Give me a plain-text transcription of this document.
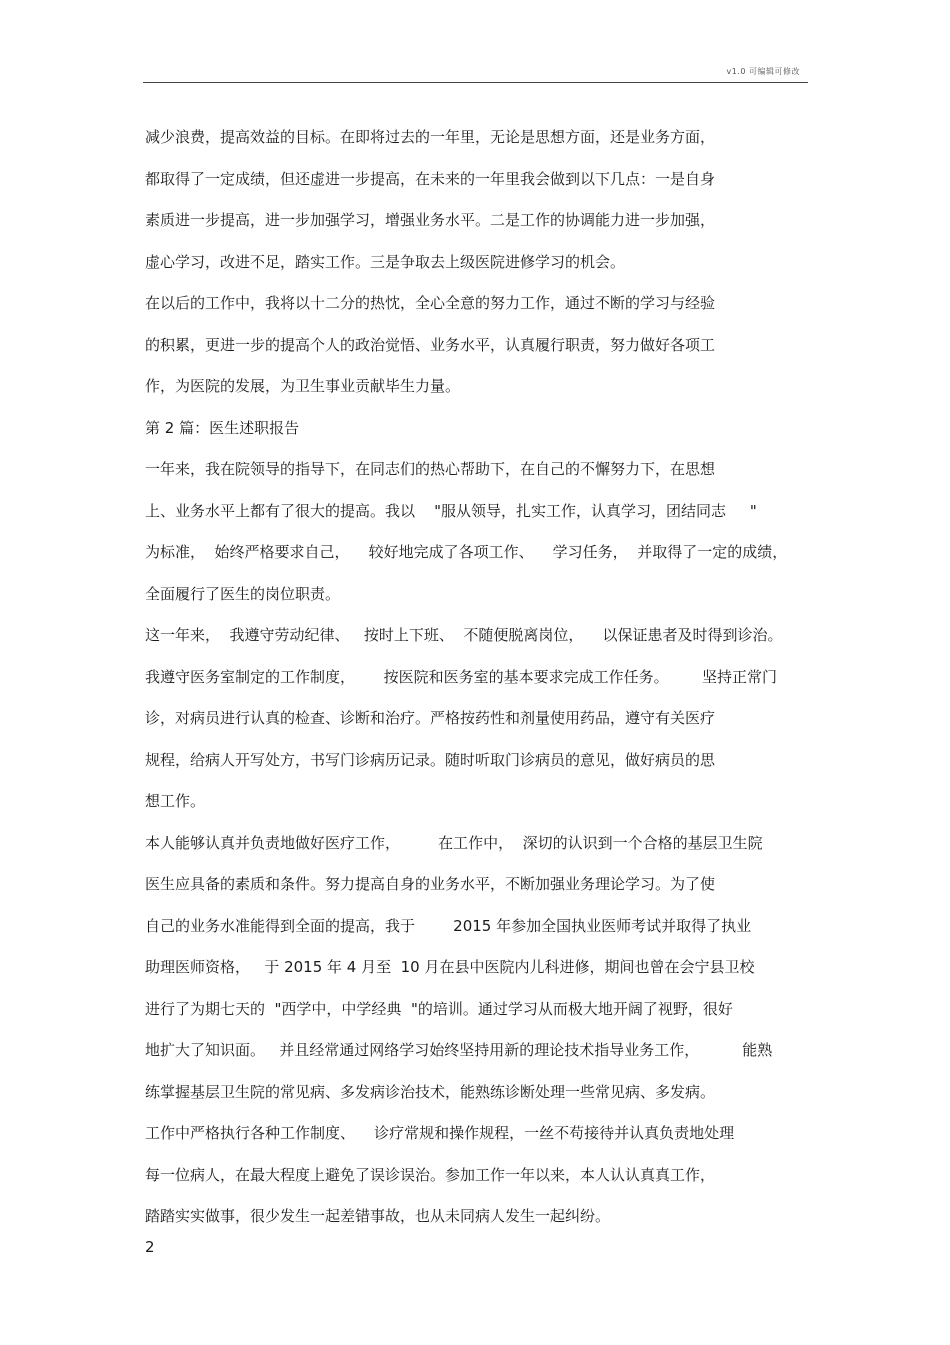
v1.0 可编辑可修改
减少浪费，提高效益的目标。在即将过去的一年里，无论是思想方面，还是业务方面，
都取得了一定成绩，但还虚进一步提高，在未来的一年里我会做到以下几点：一是自身
素质进一步提高，进一步加强学习，增强业务水平。二是工作的协调能力进一步加强，
虚心学习，改进不足，踏实工作。三是争取去上级医院进修学习的机会。
在以后的工作中，我将以十二分的热忱，全心全意的努力工作，通过不断的学习与经验
的积累，更进一步的提高个人的政治觉悟、业务水平，认真履行职责，努力做好各项工
作，为医院的发展，为卫生事业贡献毕生力量。
第 2 篇：医生述职报告
一年来，我在院领导的指导下，在同志们的热心帮助下，在自己的不懈努力下，在思想
上、业务水平上都有了很大的提高。我以    "服从领导，扎实工作，认真学习，团结同志     "
为标准，  始终严格要求自己，    较好地完成了各项工作、    学习任务，  并取得了一定的成绩，
全面履行了医生的岗位职责。
这一年来，  我遵守劳动纪律、   按时上下班、  不随便脱离岗位，    以保证患者及时得到诊治。
我遵守医务室制定的工作制度，      按医院和医务室的基本要求完成工作任务。       坚持正常门
诊，对病员进行认真的检查、诊断和治疗。严格按药性和剂量使用药品，遵守有关医疗
规程，给病人开写处方，书写门诊病历记录。随时听取门诊病员的意见，做好病员的思
想工作。
本人能够认真并负责地做好医疗工作，        在工作中，  深切的认识到一个合格的基层卫生院
医生应具备的素质和条件。努力提高自身的业务水平，不断加强业务理论学习。为了使
自己的业务水准能得到全面的提高，我于        2015 年参加全国执业医师考试并取得了执业
助理医师资格，   于 2015 年 4 月至  10 月在县中医院内儿科进修，期间也曾在会宁县卫校
进行了为期七天的  "西学中，中学经典  "的培训。通过学习从而极大地开阔了视野，很好
地扩大了知识面。   并且经常通过网络学习始终坚持用新的理论技术指导业务工作，         能熟
练掌握基层卫生院的常见病、多发病诊治技术，能熟练诊断处理一些常见病、多发病。
工作中严格执行各种工作制度、    诊疗常规和操作规程，一丝不苟接待并认真负责地处理
每一位病人，在最大程度上避免了误诊误治。参加工作一年以来，本人认认真真工作，
踏踏实实做事，很少发生一起差错事故，也从未同病人发生一起纠纷。
2
